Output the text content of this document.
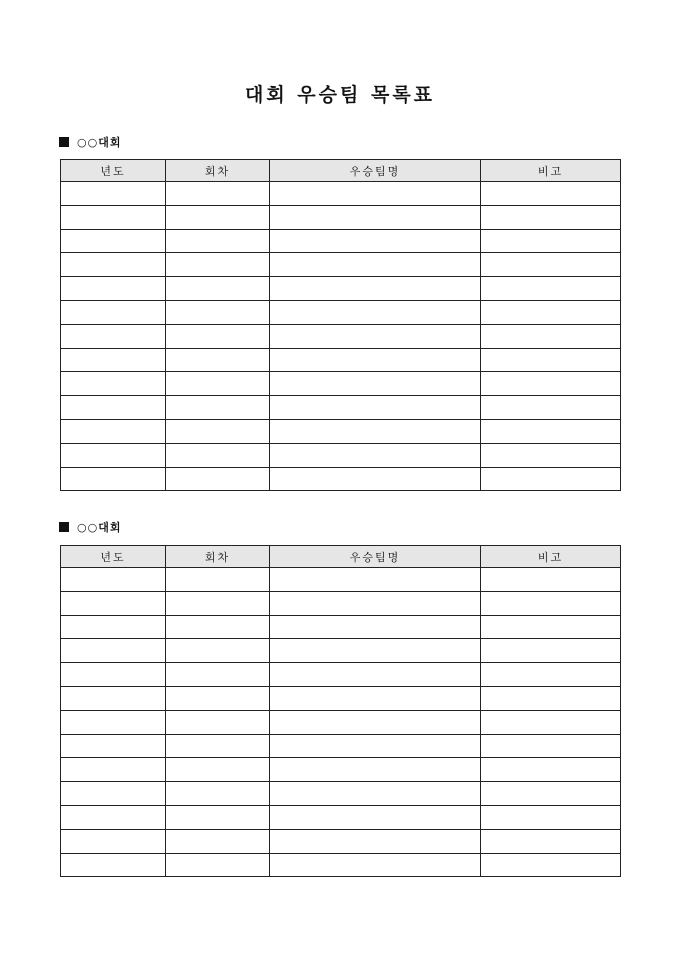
대회 우승팀 목록표
○○대회
년도	회차	우승팀명	비고

○○대회
년도	회차	우승팀명	비고
